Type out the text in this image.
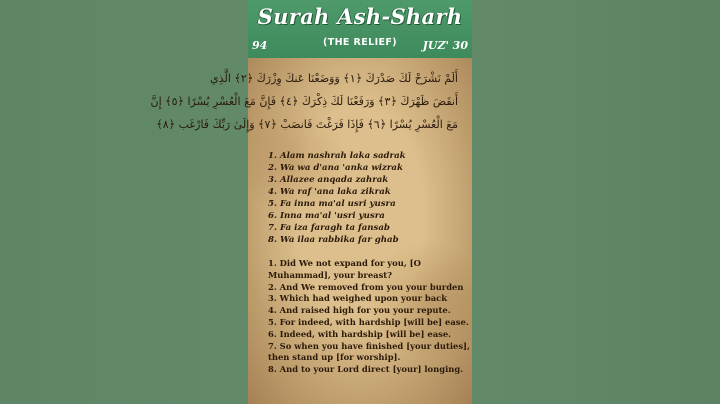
Surah Ash-Sharh
(THE RELIEF)
94	JUZ' 30
أَلَمْ نَشْرَحْ لَكَ صَدْرَكَ ﴿١﴾ وَوَضَعْنَا عَنكَ وِزْرَكَ ﴿٢﴾ الَّذِي
أَنقَضَ ظَهْرَكَ ﴿٣﴾ وَرَفَعْنَا لَكَ ذِكْرَكَ ﴿٤﴾ فَإِنَّ مَعَ الْعُسْرِ يُسْرًا ﴿٥﴾ إِنَّ
مَعَ الْعُسْرِ يُسْرًا ﴿٦﴾ فَإِذَا فَرَغْتَ فَانصَبْ ﴿٧﴾ وَإِلَىٰ رَبِّكَ فَارْغَب ﴿٨﴾
1. Alam nashrah laka sadrak
2. Wa wa d'ana 'anka wizrak
3. Allazee anqada zahrak
4. Wa raf 'ana laka zikrak
5. Fa inna ma'al usri yusra
6. Inna ma'al 'usri yusra
7. Fa iza faragh ta fansab
8. Wa ilaa rabbika far ghab
1. Did We not expand for you, [O
Muhammad], your breast?
2. And We removed from you your burden
3. Which had weighed upon your back
4. And raised high for you your repute.
5. For indeed, with hardship [will be] ease.
6. Indeed, with hardship [will be] ease.
7. So when you have finished [your duties],
then stand up [for worship].
8. And to your Lord direct [your] longing.
